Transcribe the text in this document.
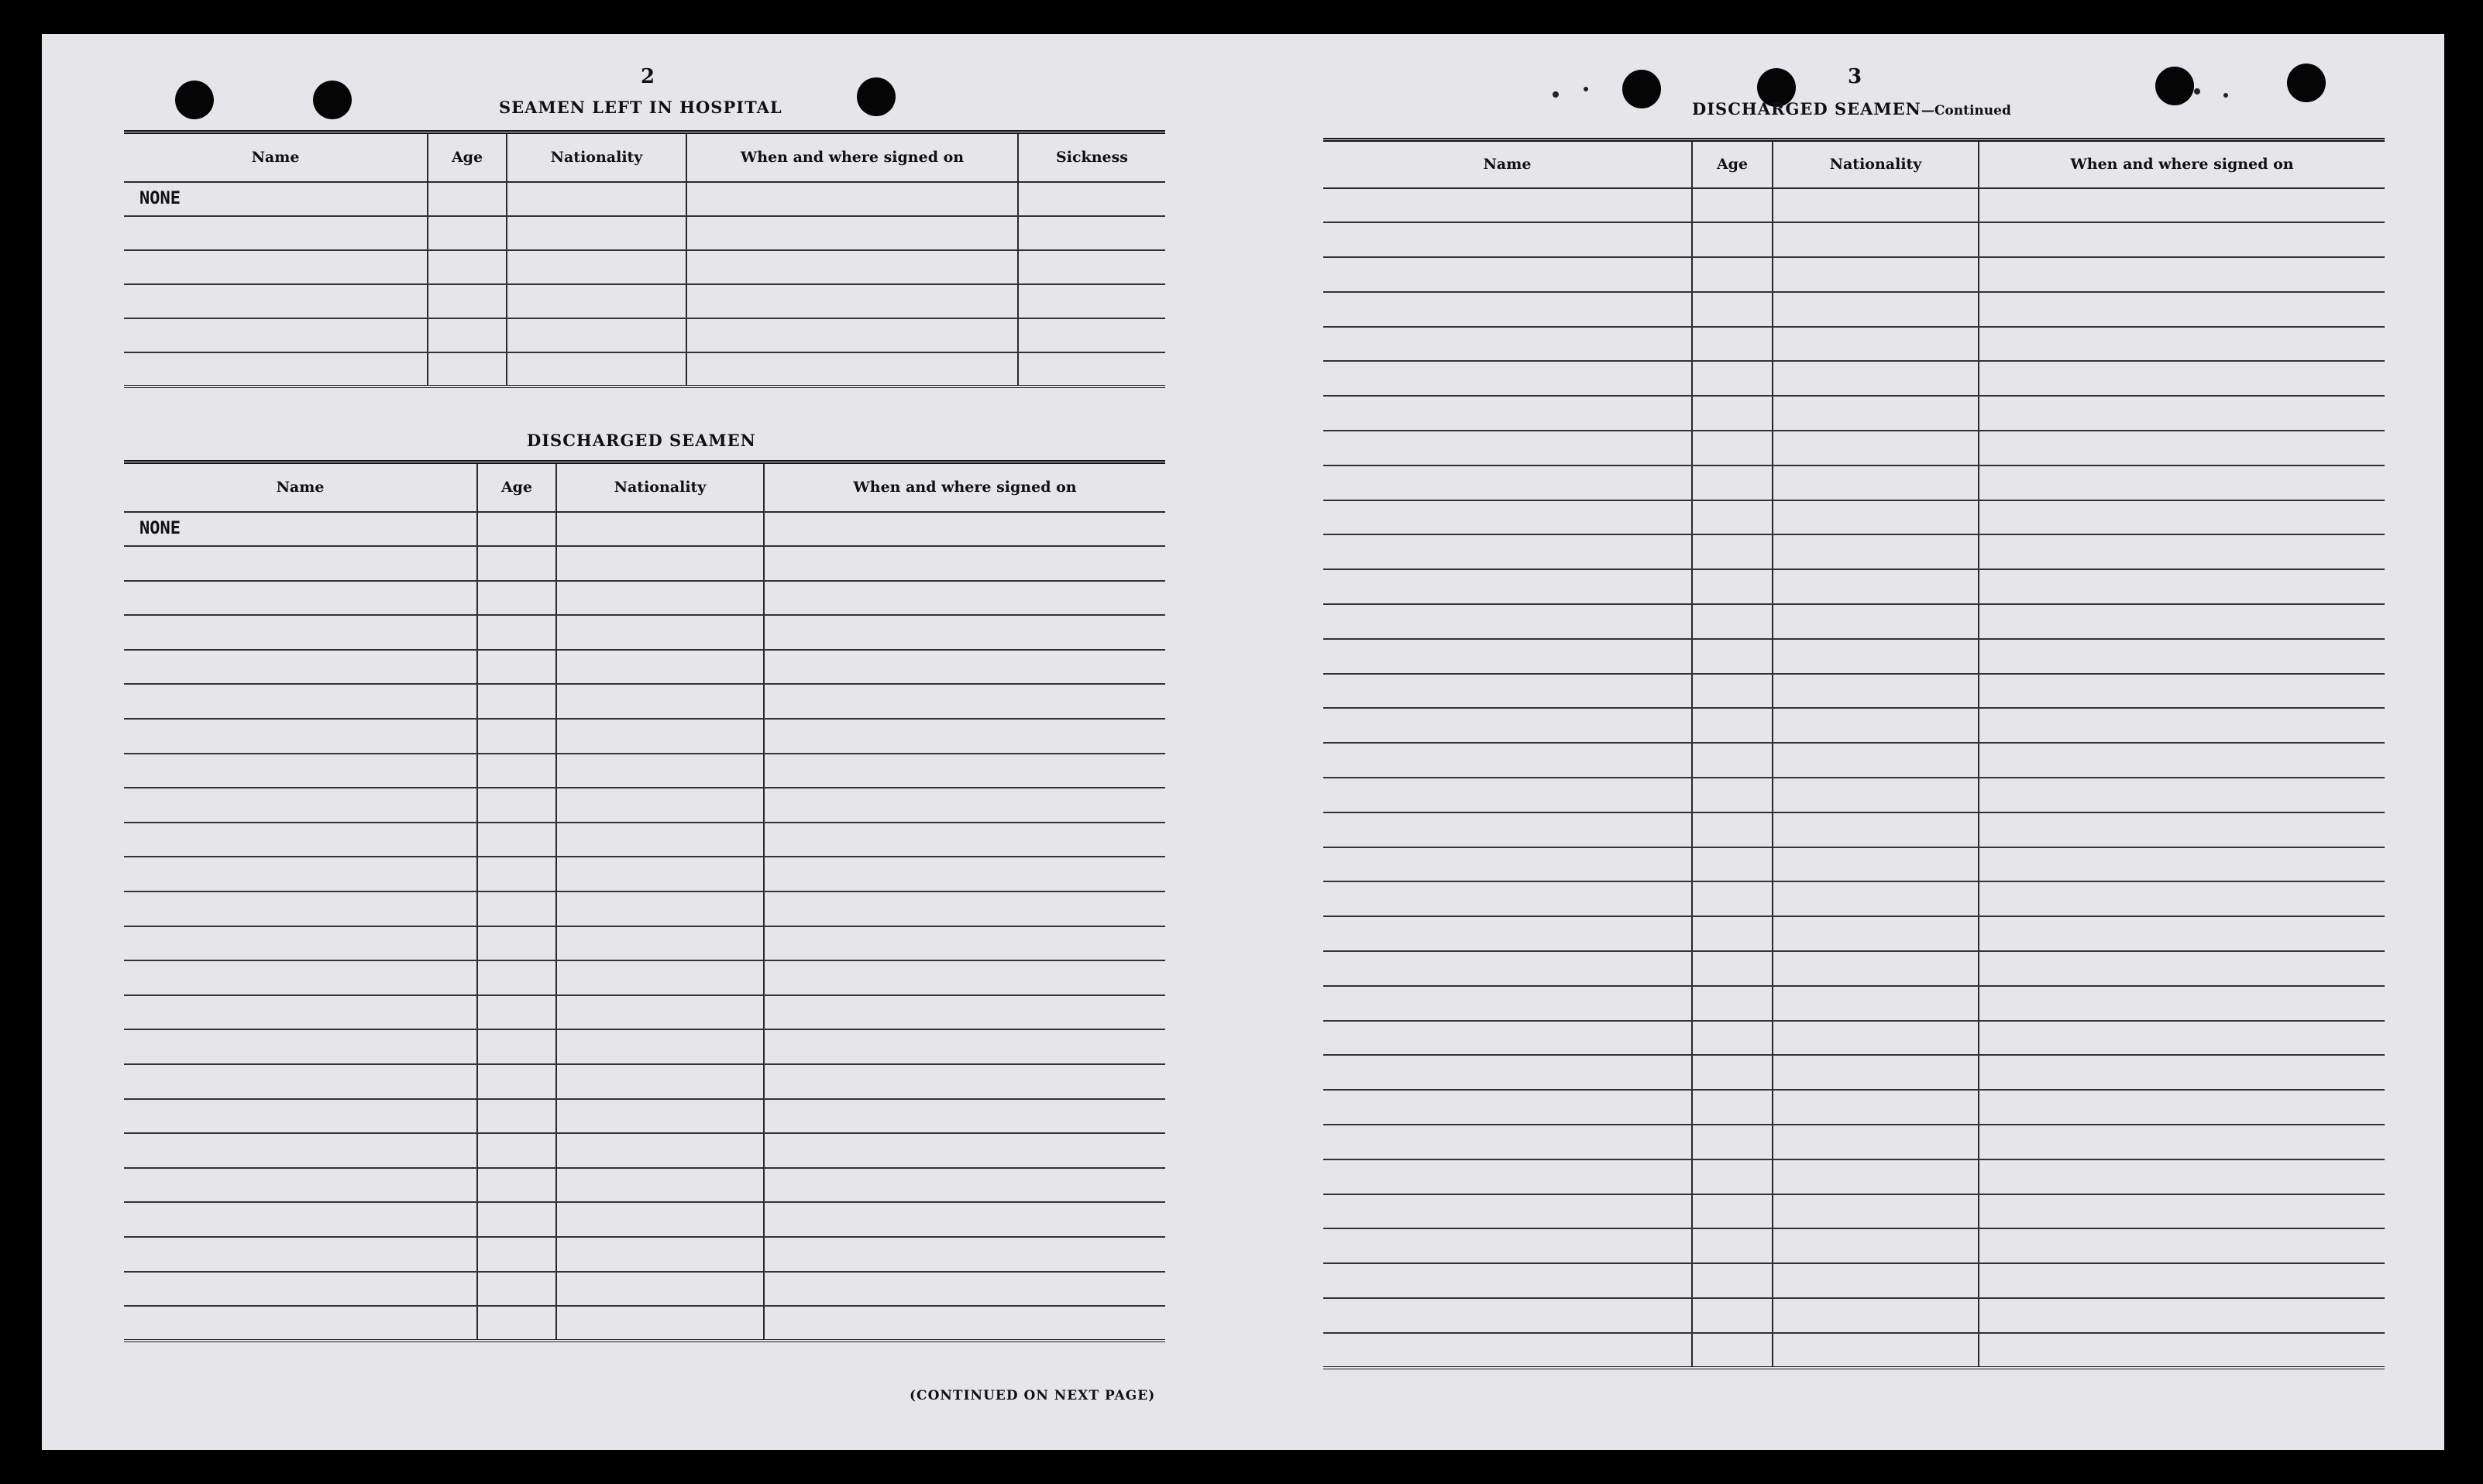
2
SEAMEN LEFT IN HOSPITAL
Name	Age	Nationality	When and where signed on	Sickness
NONE				

DISCHARGED SEAMEN
Name	Age	Nationality	When and where signed on
NONE			

(CONTINUED ON NEXT PAGE)
3
DISCHARGED SEAMEN—Continued
Name	Age	Nationality	When and where signed on
